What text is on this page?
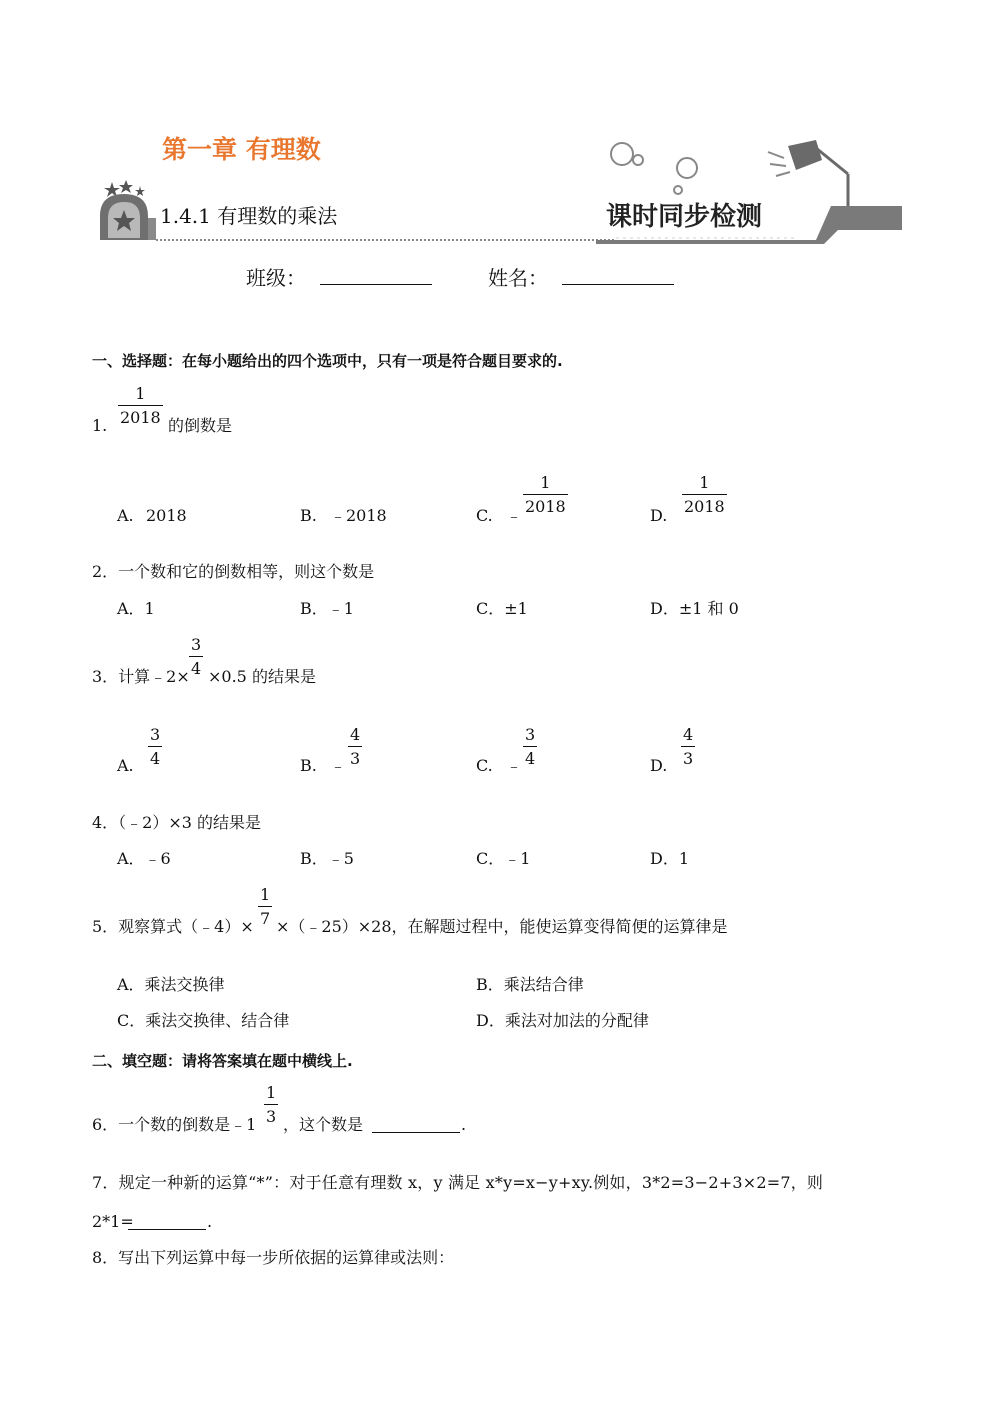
第一章 有理数
1.4.1 有理数的乘法	课时同步检测
班级：	姓名：
一、选择题：在每小题给出的四个选项中，只有一项是符合题目要求的.
1.
1
2018 的倒数是
A. 2018	B. ﹣2018	C. ﹣
1
2018	D.
1
2018
2．一个数和它的倒数相等，则这个数是
A．1	B．﹣1	C．±1	D．±1 和 0
3．计算﹣2×
3
4 ×0.5 的结果是
A.
3
4	B. ﹣
4
3	C. ﹣
3
4	D.
4
3
4．（﹣2）×3 的结果是
A．﹣6	B．﹣5	C．﹣1	D．1
5．观察算式（﹣4）×
1
7 ×（﹣25）×28，在解题过程中，能使运算变得简便的运算律是
A．乘法交换律	B．乘法结合律
C．乘法交换律、结合律	D．乘法对加法的分配律
二、填空题：请将答案填在题中横线上.
6．一个数的倒数是﹣1
1
3 ，这个数是	.
7．规定一种新的运算“*”：对于任意有理数 x，y 满足 x*y=x−y+xy.例如，3*2=3−2+3×2=7，则
2*1=	.
8．写出下列运算中每一步所依据的运算律或法则：
